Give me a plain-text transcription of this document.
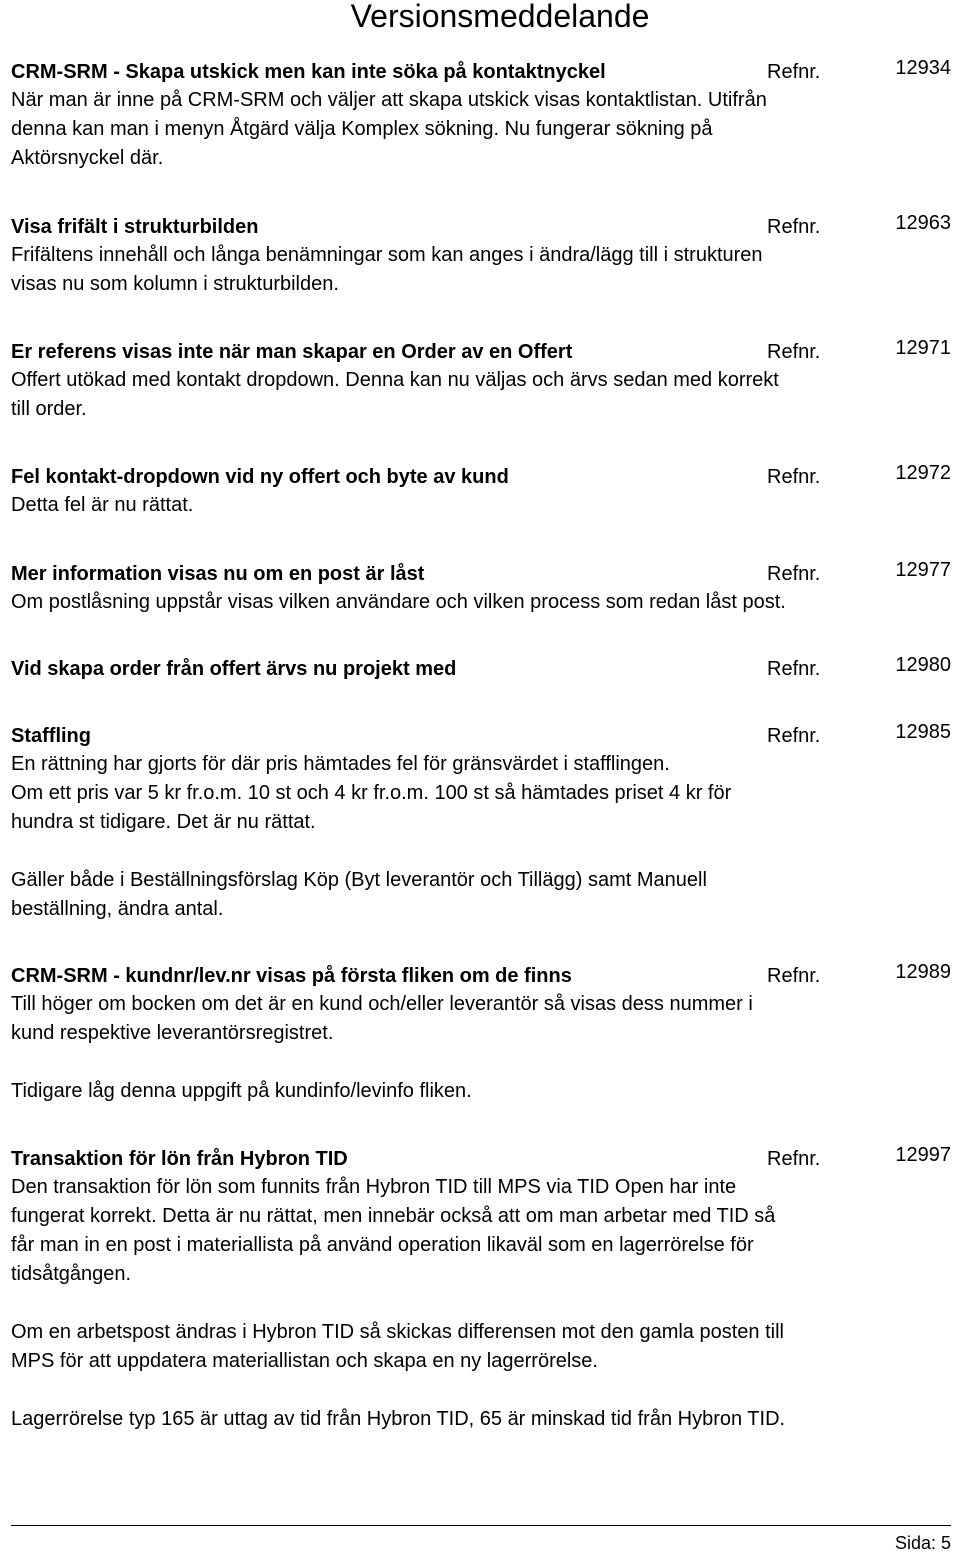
Versionsmeddelande
CRM-SRM - Skapa utskick men kan inte söka på kontaktnyckel	Refnr.	12934
När man är inne på CRM-SRM och väljer att skapa utskick visas kontaktlistan. Utifrån
denna kan man i menyn Åtgärd välja Komplex sökning. Nu fungerar sökning på
Aktörsnyckel där.
Visa frifält i strukturbilden	Refnr.	12963
Frifältens innehåll och långa benämningar som kan anges i ändra/lägg till i strukturen
visas nu som kolumn i strukturbilden.
Er referens visas inte när man skapar en Order av en Offert	Refnr.	12971
Offert utökad med kontakt dropdown. Denna kan nu väljas och ärvs sedan med korrekt
till order.
Fel kontakt-dropdown vid ny offert och byte av kund	Refnr.	12972
Detta fel är nu rättat.
Mer information visas nu om en post är låst	Refnr.	12977
Om postlåsning uppstår visas vilken användare och vilken process som redan låst post.
Vid skapa order från offert ärvs nu projekt med	Refnr.	12980
Staffling	Refnr.	12985
En rättning har gjorts för där pris hämtades fel för gränsvärdet i stafflingen.
Om ett pris var 5 kr fr.o.m. 10 st och 4 kr fr.o.m. 100 st så hämtades priset 4 kr för
hundra st tidigare. Det är nu rättat.
Gäller både i Beställningsförslag Köp (Byt leverantör och Tillägg) samt Manuell
beställning, ändra antal.
CRM-SRM - kundnr/lev.nr visas på första fliken om de finns	Refnr.	12989
Till höger om bocken om det är en kund och/eller leverantör så visas dess nummer i
kund respektive leverantörsregistret.
Tidigare låg denna uppgift på kundinfo/levinfo fliken.
Transaktion för lön från Hybron TID	Refnr.	12997
Den transaktion för lön som funnits från Hybron TID till MPS via TID Open har inte
fungerat korrekt. Detta är nu rättat, men innebär också att om man arbetar med TID så
får man in en post i materiallista på använd operation likaväl som en lagerrörelse för
tidsåtgången.
Om en arbetspost ändras i Hybron TID så skickas differensen mot den gamla posten till
MPS för att uppdatera materiallistan och skapa en ny lagerrörelse.
Lagerrörelse typ 165 är uttag av tid från Hybron TID, 65 är minskad tid från Hybron TID.
Sida: 5
